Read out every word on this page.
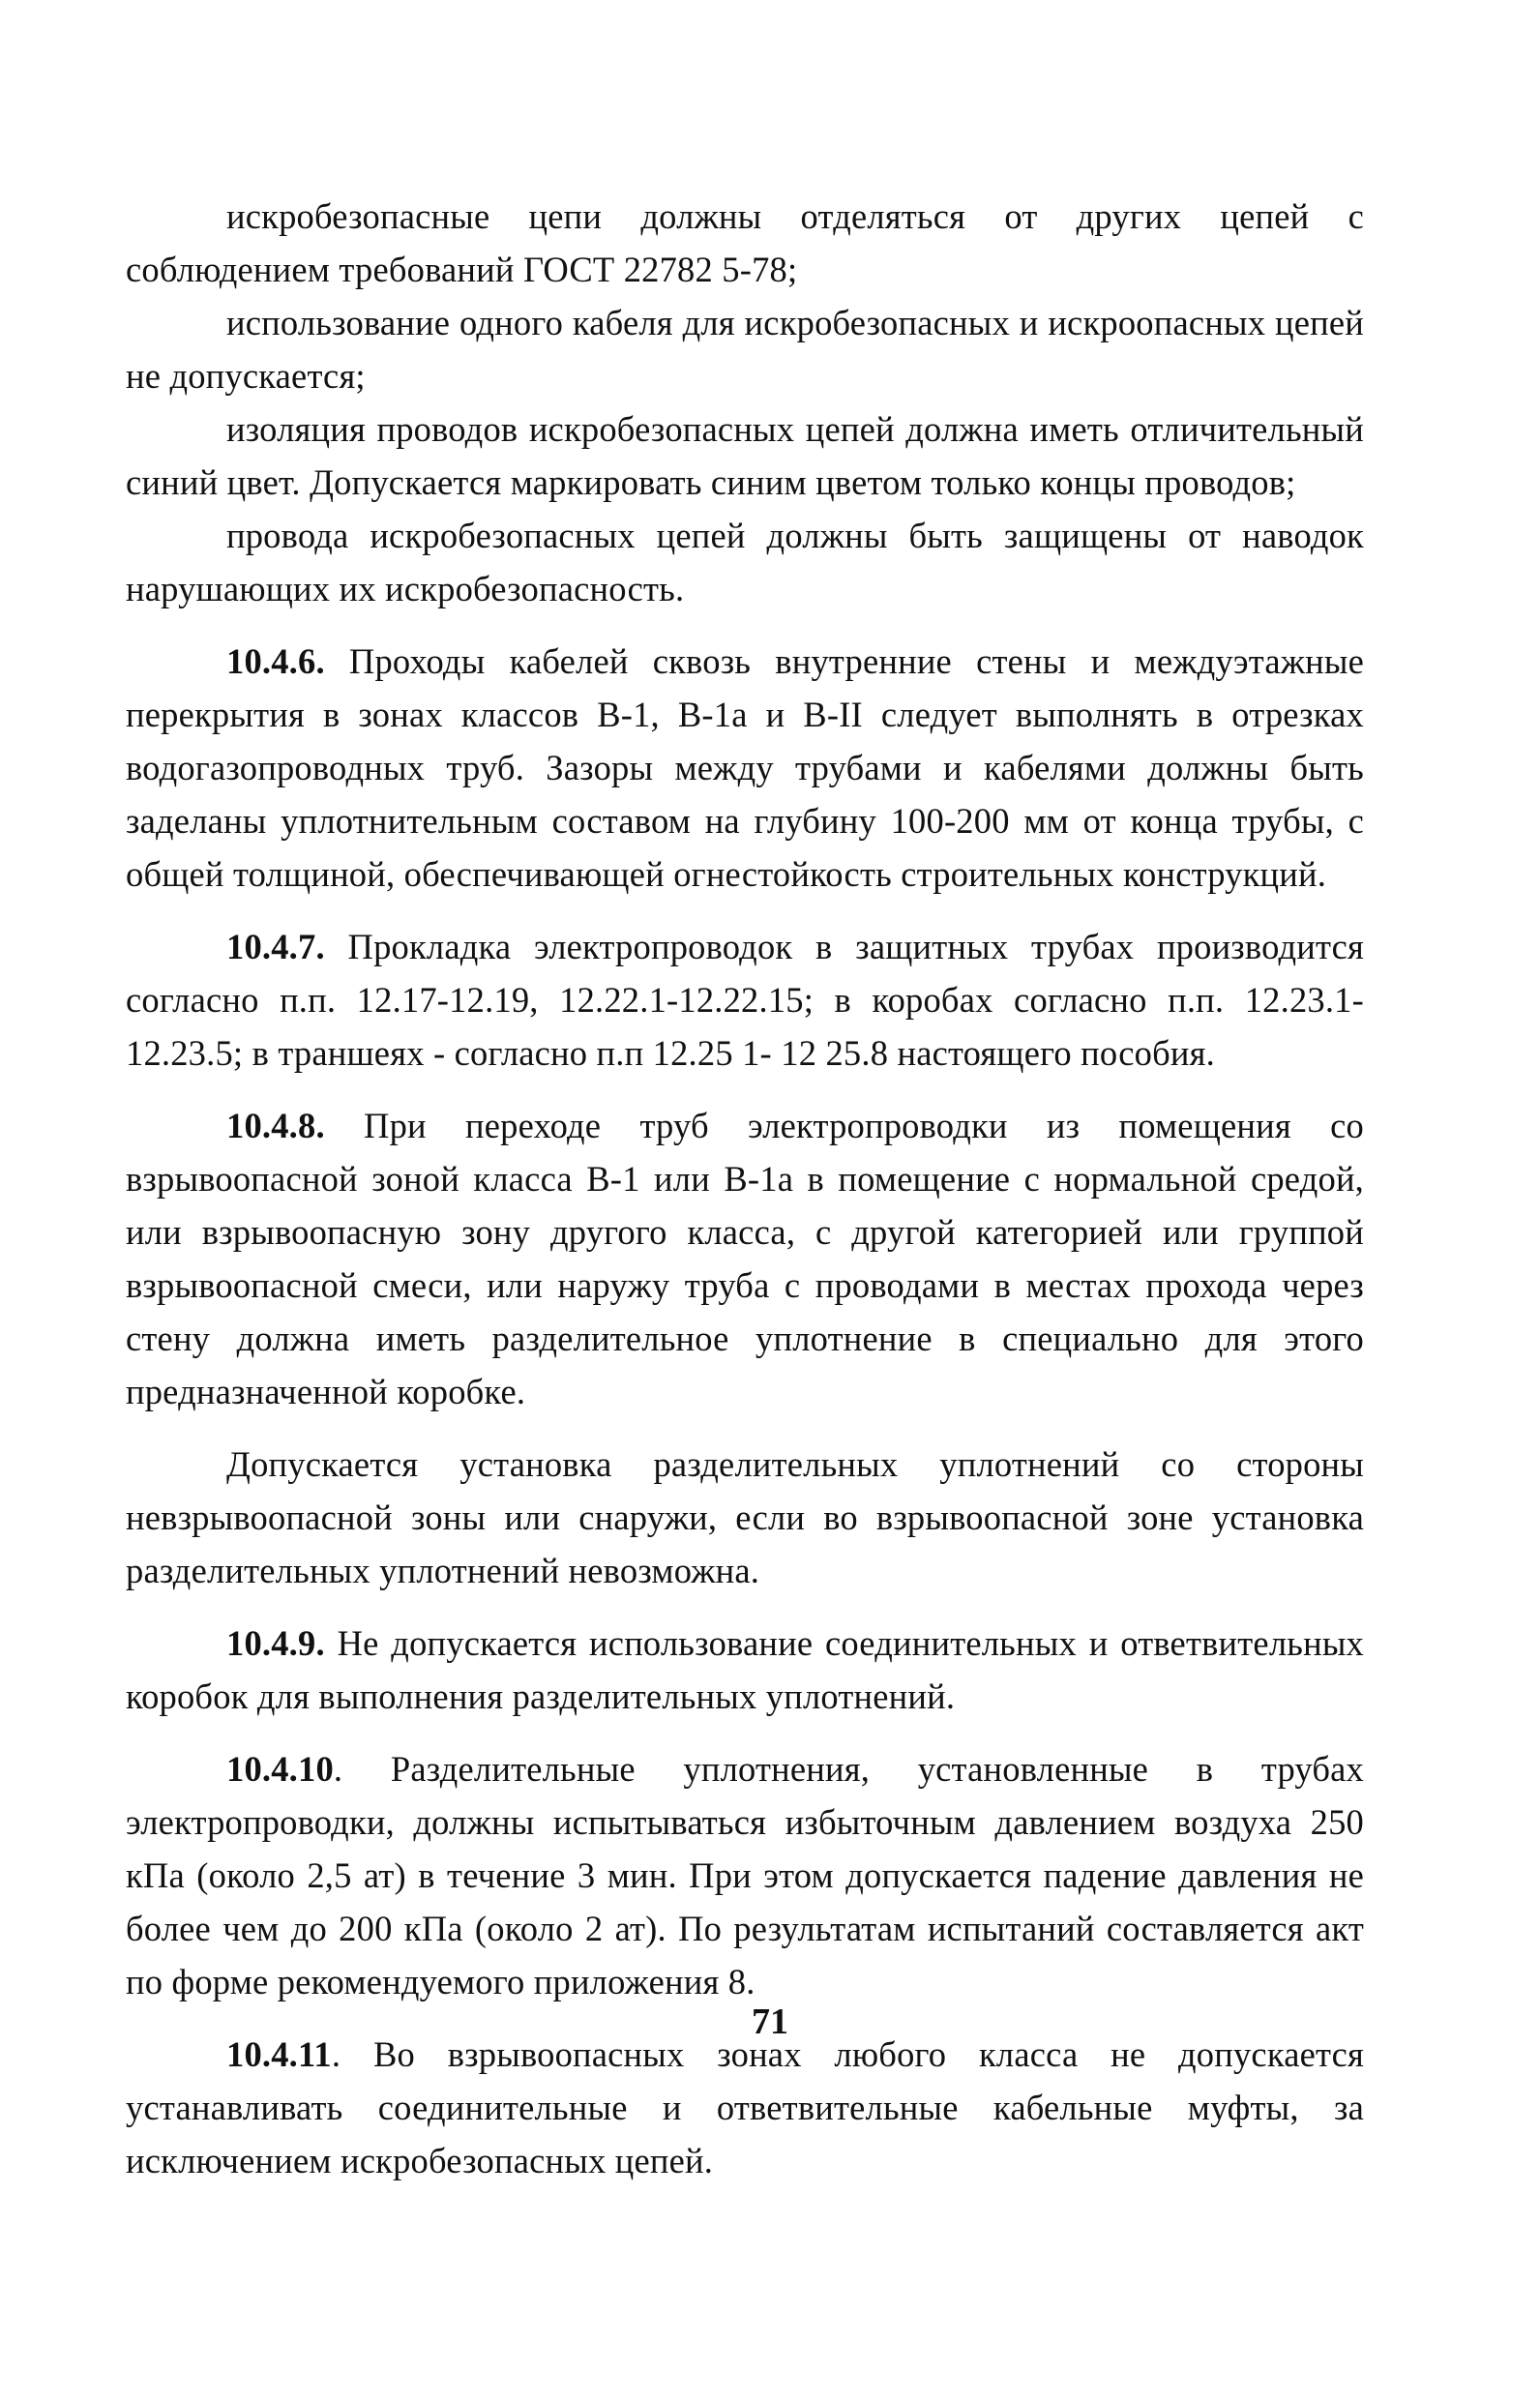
искробезопасные цепи должны отделяться от других цепей с соблюдением требований ГОСТ 22782 5-78;

использование одного кабеля для искробезопасных и искроопасных цепей не допускается;

изоляция проводов искробезопасных цепей должна иметь отличительный синий цвет. Допускается маркировать синим цветом только концы проводов;

провода искробезопасных цепей должны быть защищены от наводок нарушающих их искробезопасность.

10.4.6. Проходы кабелей сквозь внутренние стены и междуэтажные перекрытия в зонах классов В-1, В-1а и В-II следует выполнять в отрезках водогазопроводных труб. Зазоры между трубами и кабелями должны быть заделаны уплотнительным составом на глубину 100-200 мм от конца трубы, с общей толщиной, обеспечивающей огнестойкость строительных конструкций.

10.4.7. Прокладка электропроводок в защитных трубах производится согласно п.п. 12.17-12.19, 12.22.1-12.22.15; в коробах согласно п.п. 12.23.1-12.23.5; в траншеях - согласно п.п 12.25 1- 12 25.8 настоящего пособия.

10.4.8. При переходе труб электропроводки из помещения со взрывоопасной зоной класса В-1 или В-1а в помещение с нормальной средой, или взрывоопасную зону другого класса, с другой категорией или группой взрывоопасной смеси, или наружу труба с проводами в местах прохода через стену должна иметь разделительное уплотнение в специально для этого предназначенной коробке.

Допускается установка разделительных уплотнений со стороны невзрывоопасной зоны или снаружи, если во взрывоопасной зоне установка разделительных уплотнений невозможна.

10.4.9. Не допускается использование соединительных и ответвительных коробок для выполнения разделительных уплотнений.

10.4.10. Разделительные уплотнения, установленные в трубах электропроводки, должны испытываться избыточным давлением воздуха 250 кПа (около 2,5 ат) в течение 3 мин. При этом допускается падение давления не более чем до 200 кПа (около 2 ат). По результатам испытаний составляется акт по форме рекомендуемого приложения 8.

10.4.11. Во взрывоопасных зонах любого класса не допускается устанавливать соединительные и ответвительные кабельные муфты, за исключением искробезопасных цепей.

71
